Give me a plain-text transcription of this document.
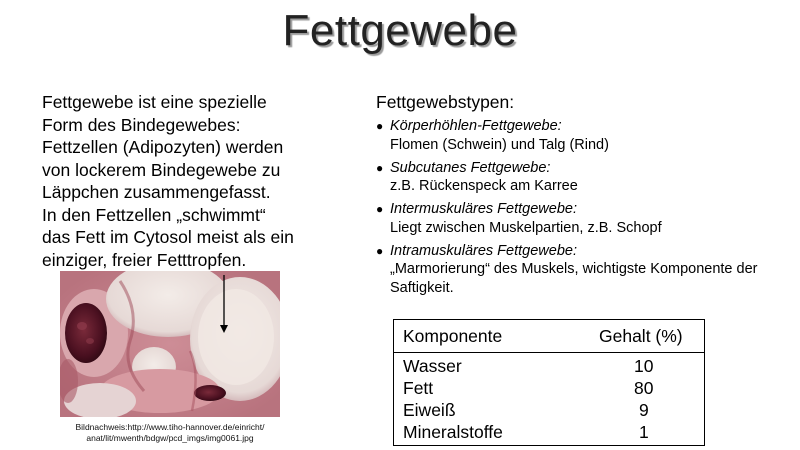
Fettgewebe

Fettgewebe ist eine spezielle
Form des Bindegewebes:
Fettzellen (Adipozyten) werden
von lockerem Bindegewebe zu
Läppchen zusammengefasst.
In den Fettzellen „schwimmt“
das Fett im Cytosol meist als ein
einziger, freier Fetttropfen.

Bildnachweis:http://www.tiho-hannover.de/einricht/
anat/lit/mwenth/bdgw/pcd_imgs/img0061.jpg
Fettgewebstypen:
● Körperhöhlen-Fettgewebe:
Flomen (Schwein) und Talg (Rind)
● Subcutanes Fettgewebe:
z.B. Rückenspeck am Karree
● Intermuskuläres Fettgewebe:
Liegt zwischen Muskelpartien, z.B. Schopf
● Intramuskuläres Fettgewebe:
„Marmorierung“ des Muskels, wichtigste Komponente der Saftigkeit.
Komponente	Gehalt (%)
Wasser	10
Fett	80
Eiweiß	9
Mineralstoffe	1
